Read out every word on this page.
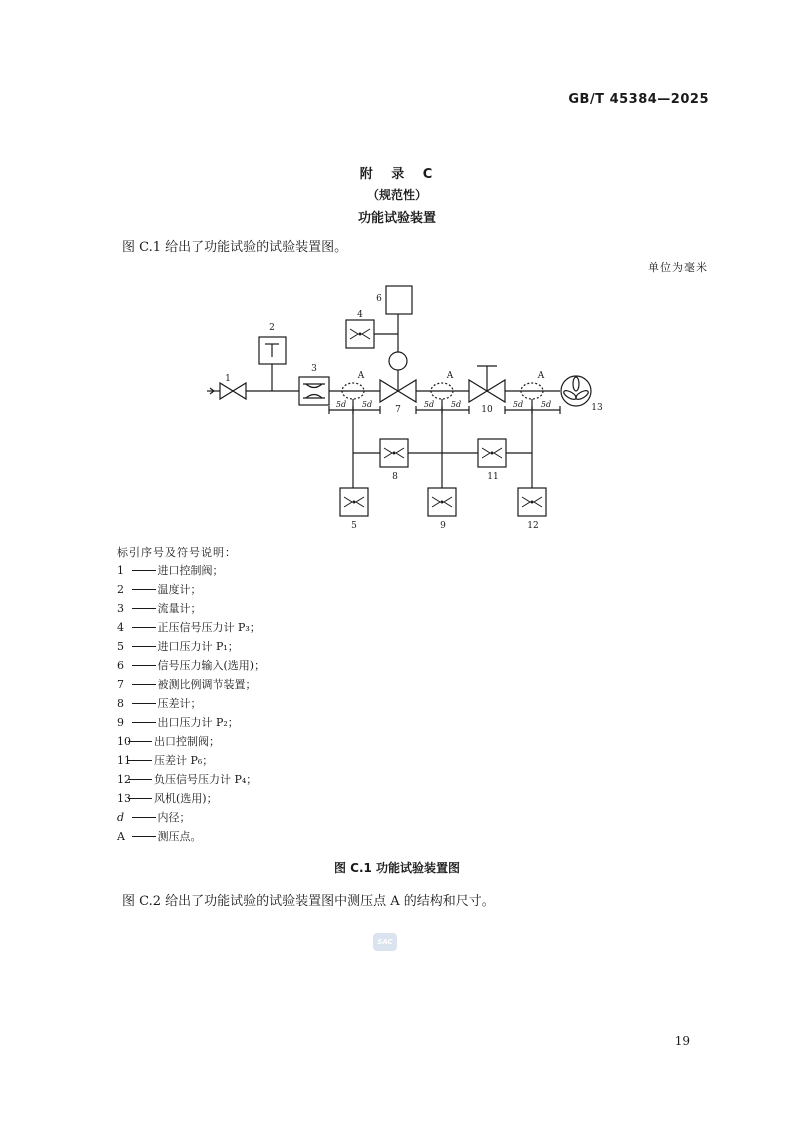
GB/T 45384—2025
附 录 C
（规范性）
功能试验装置
图 C.1 给出了功能试验的试验装置图。
单位为毫米
1
2
3
4
5
6
7
8
9
10
11
12
13
A	A	A
5d 5d	5d 5d	5d 5d
标引序号及符号说明：
1	进口控制阀；
2	温度计；
3	流量计；
4	正压信号压力计 P₃；
5	进口压力计 P₁；
6	信号压力输入(选用)；
7	被测比例调节装置；
8	压差计；
9	出口压力计 P₂；
10 出口控制阀；
11 压差计 P₆；
12 负压信号压力计 P₄；
13 风机(选用)；
d	内径；
A	测压点。
图 C.1 功能试验装置图
图 C.2 给出了功能试验的试验装置图中测压点 A 的结构和尺寸。
SAC
19
